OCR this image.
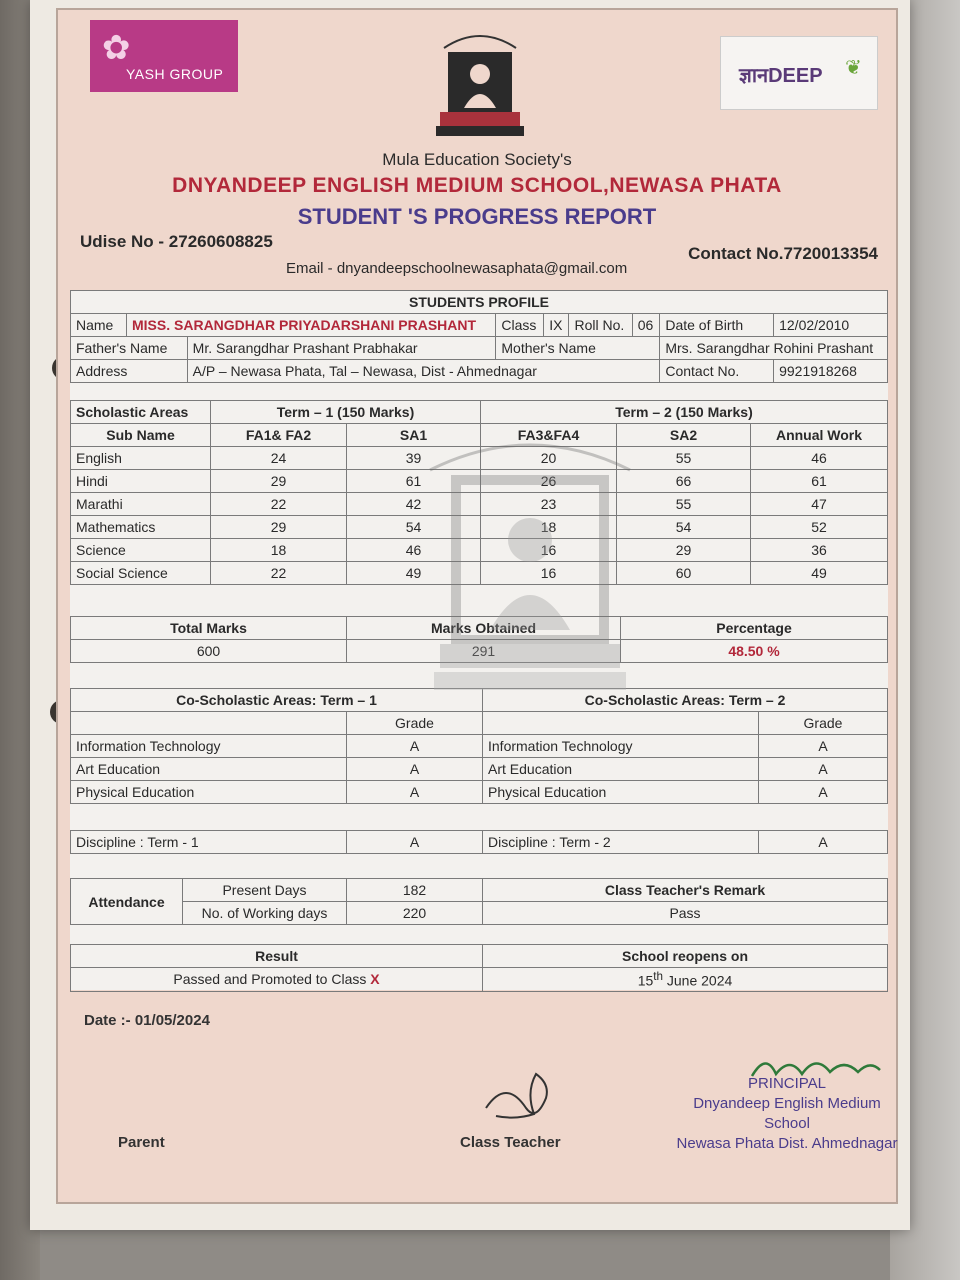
✿
YASH GROUP	ज्ञानDEEP ❦
Mula Education Society's
DNYANDEEP ENGLISH MEDIUM SCHOOL,NEWASA PHATA
STUDENT 'S PROGRESS REPORT
Udise No - 27260608825
Contact No.7720013354
Email - dnyandeepschoolnewasaphata@gmail.com
STUDENTS PROFILE								
Name	MISS. SARANGDHAR PRIYADARSHANI PRASHANT		Class	IX	Roll No.	06	Date of Birth	12/02/2010
Father's Name		Mr. Sarangdhar Prashant Prabhakar	Mother's Name				Mrs. Sarangdhar Rohini Prashant	
Address		A/P – Newasa Phata, Tal – Newasa, Dist - Ahmednagar					Contact No.	9921918268
Scholastic Areas	Term – 1 (150 Marks)		Term – 2 (150 Marks)		
Sub Name	FA1& FA2	SA1	FA3&FA4	SA2	Annual Work
English	24	39	20	55	46
Hindi	29	61	26	66	61
Marathi	22	42	23	55	47
Mathematics	29	54	18	54	52
Science	18	46	16	29	36
Social Science	22	49	16	60	49
Total Marks	Marks Obtained	Percentage
600	291	48.50 %
Co-Scholastic Areas: Term – 1		Co-Scholastic Areas: Term – 2	
	Grade		Grade
Information Technology	A	Information Technology	A
Art Education	A	Art Education	A
Physical Education	A	Physical Education	A
Discipline : Term - 1	A	Discipline : Term - 2	A
Attendance	Present Days	182	Class Teacher's Remark
	No. of Working days	220	Pass
Result	School reopens on
Passed and Promoted to Class X	15th June 2024
Date :- 01/05/2024
Parent	Class Teacher
PRINCIPAL
Dnyandeep English Medium School
Newasa Phata Dist. Ahmednagar
